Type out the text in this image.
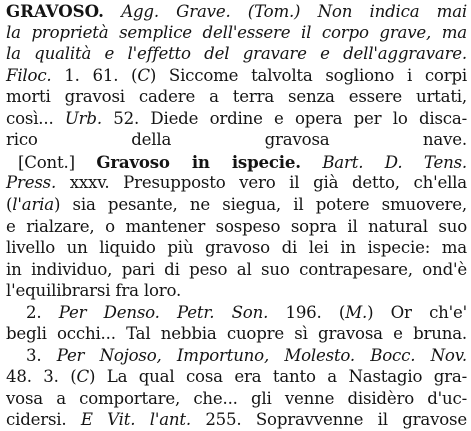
GRAVOSO. Agg. Grave. (Tom.) Non indica mai
la proprietà semplice dell'essere il corpo grave, ma
la qualità e l'effetto del gravare e dell'aggravare.
Filoc. 1. 61. (C) Siccome talvolta sogliono i corpi
morti gravosi cadere a terra senza essere urtati,
così... Urb. 52. Diede ordine e opera per lo disca-
rico della gravosa nave.
[Cont.] Gravoso in ispecie. Bart. D. Tens.
Press. xxxv. Presupposto vero il già detto, ch'ella
(l'aria) sia pesante, ne siegua, il potere smuovere,
e rialzare, o mantener sospeso sopra il natural suo
livello un liquido più gravoso di lei in ispecie: ma
in individuo, pari di peso al suo contrapesare, ond'è
l'equilibrarsi fra loro.
2. Per Denso. Petr. Son. 196. (M.) Or ch'e'
begli occhi... Tal nebbia cuopre sì gravosa e bruna.
3. Per Nojoso, Importuno, Molesto. Bocc. Nov.
48. 3. (C) La qual cosa era tanto a Nastagio gra-
vosa a comportare, che... gli venne disidèro d'uc-
cidersi. E Vit. l'ant. 255. Sopravvenne il gravose
